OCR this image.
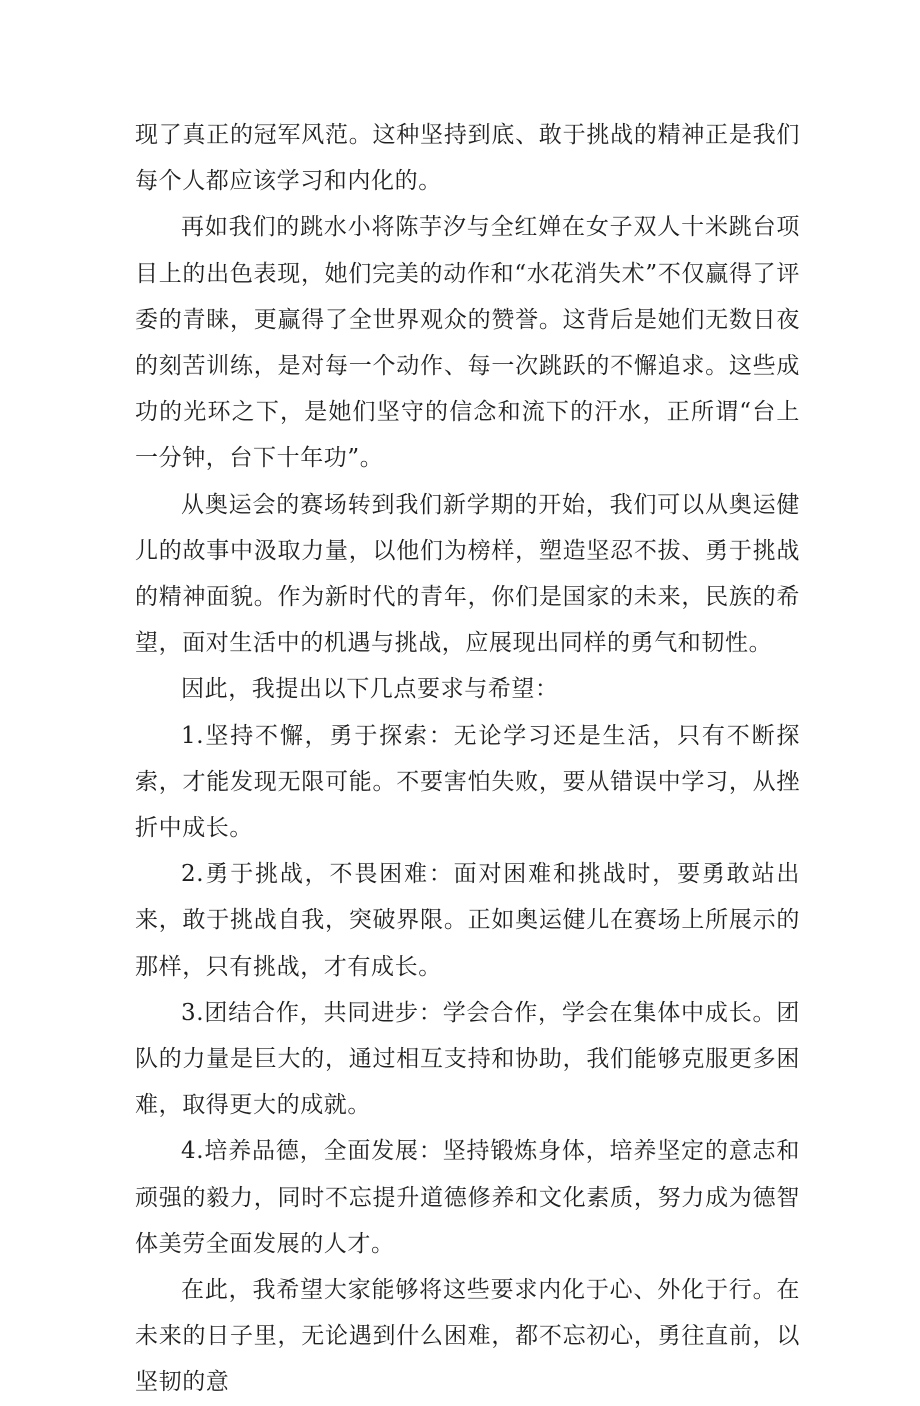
现了真正的冠军风范。这种坚持到底、敢于挑战的精神正是我们每个人都应该学习和内化的。

再如我们的跳水小将陈芋汐与全红婵在女子双人十米跳台项目上的出色表现，她们完美的动作和“水花消失术”不仅赢得了评委的青睐，更赢得了全世界观众的赞誉。这背后是她们无数日夜的刻苦训练，是对每一个动作、每一次跳跃的不懈追求。这些成功的光环之下，是她们坚守的信念和流下的汗水，正所谓“台上一分钟，台下十年功”。

从奥运会的赛场转到我们新学期的开始，我们可以从奥运健儿的故事中汲取力量，以他们为榜样，塑造坚忍不拔、勇于挑战的精神面貌。作为新时代的青年，你们是国家的未来，民族的希望，面对生活中的机遇与挑战，应展现出同样的勇气和韧性。

因此，我提出以下几点要求与希望：

1.坚持不懈，勇于探索：无论学习还是生活，只有不断探索，才能发现无限可能。不要害怕失败，要从错误中学习，从挫折中成长。

2.勇于挑战，不畏困难：面对困难和挑战时，要勇敢站出来，敢于挑战自我，突破界限。正如奥运健儿在赛场上所展示的那样，只有挑战，才有成长。

3.团结合作，共同进步：学会合作，学会在集体中成长。团队的力量是巨大的，通过相互支持和协助，我们能够克服更多困难，取得更大的成就。

4.培养品德，全面发展：坚持锻炼身体，培养坚定的意志和顽强的毅力，同时不忘提升道德修养和文化素质，努力成为德智体美劳全面发展的人才。

在此，我希望大家能够将这些要求内化于心、外化于行。在未来的日子里，无论遇到什么困难，都不忘初心，勇往直前，以坚韧的意
